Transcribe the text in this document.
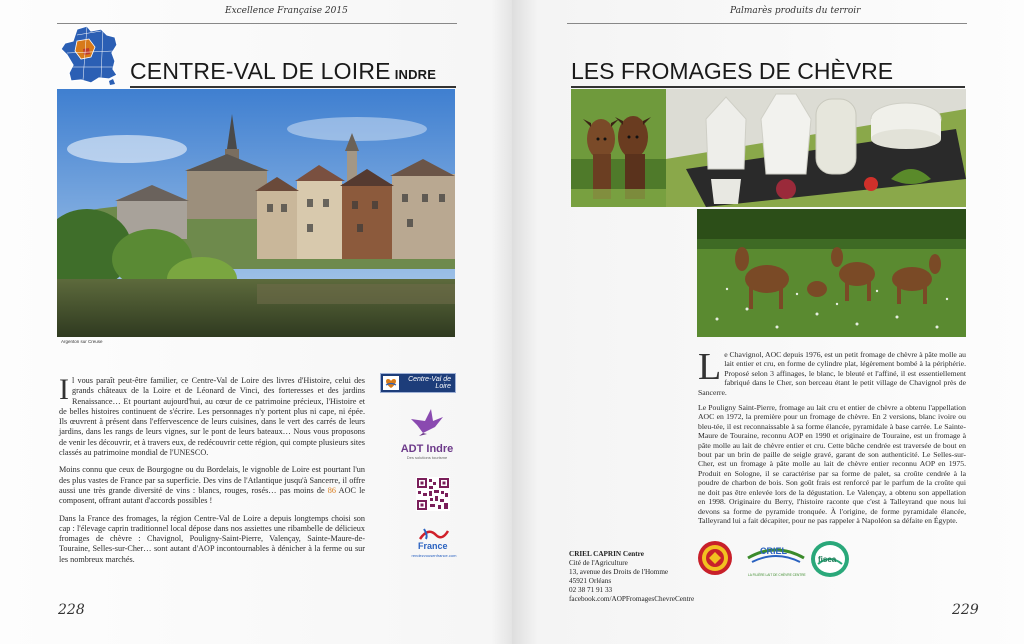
Excellence Française 2015
CENTRE-VAL DE LOIRE INDRE
Argenton sur Creuse

Il vous paraît peut-être familier, ce Centre-Val de Loire des livres d'Histoire, celui des grands châteaux de la Loire et de Léonard de Vinci, des forteresses et des jardins Renaissance… Et pourtant aujourd'hui, au cœur de ce patrimoine précieux, l'Histoire et de belles histoires continuent de s'écrire. Les personnages n'y portent plus ni cape, ni épée. Ils œuvrent à présent dans l'effervescence de leurs cuisines, dans le vert des carrés de leurs jardins, dans les rangs de leurs vignes, sur le pont de leurs bateaux… Nous vous proposons de venir les découvrir, et à travers eux, de redécouvrir cette région, qui compte plusieurs sites classés au patrimoine mondial de l'UNESCO.

Moins connu que ceux de Bourgogne ou du Bordelais, le vignoble de Loire est pourtant l'un des plus vastes de France par sa superficie. Des vins de l'Atlantique jusqu'à Sancerre, il offre aussi une très grande diversité de vins : blancs, rouges, rosés… pas moins de 86 AOC le composent, offrant autant d'accords possibles !

Dans la France des fromages, la région Centre-Val de Loire a depuis longtemps choisi son cap : l'élevage caprin traditionnel local dépose dans nos assiettes une ribambelle de délicieux fromages de chèvre : Chavignol, Pouligny-Saint-Pierre, Valençay, Sainte-Maure-de-Touraine, Selles-sur-Cher… sont autant d'AOP incontournables à dénicher à la ferme ou sur les nombreux marchés.

Centre-Val de Loire
ADT Indre
Des solutions tourisme
France
rendezvousenfrance.com
228
Palmarès produits du terroir
LES FROMAGES DE CHÈVRE

Le Chavignol, AOC depuis 1976, est un petit fromage de chèvre à pâte molle au lait entier et cru, en forme de cylindre plat, légèrement bombé à la périphérie. Proposé selon 3 affinages, le blanc, le bleuté et l'affiné, il est essentiellement fabriqué dans le Cher, son berceau étant le petit village de Chavignol près de Sancerre.

Le Pouligny Saint-Pierre, fromage au lait cru et entier de chèvre a obtenu l'appellation AOC en 1972, la première pour un fromage de chèvre. En 2 versions, blanc ivoire ou bleu-tée, il est reconnaissable à sa forme élancée, pyramidale à base carrée. Le Sainte-Maure de Touraine, reconnu AOP en 1990 et originaire de Touraine, est un fromage à pâte molle au lait de chèvre entier et cru. Cette bûche cendrée est traversée de bout en bout par un brin de paille de seigle gravé, garant de son authenticité. Le Selles-sur-Cher, est un fromage à pâte molle au lait de chèvre entier reconnu AOP en 1975. Produit en Sologne, il se caractérise par sa forme de palet, sa croûte cendrée à la poudre de charbon de bois. Son goût frais est renforcé par le parfum de la croûte qui ne doit pas être enlevée lors de la dégustation. Le Valençay, a obtenu son appellation en 1998. Originaire du Berry, l'histoire raconte que c'est à Talleyrand que nous lui devons sa forme de pyramide tronquée. À l'origine, de forme pyramidale élancée, Talleyrand lui a fait décapiter, pour ne pas rappeler à Napoléon sa défaite en Égypte.

CRIEL CAPRIN Centre
Cité de l'Agriculture
13, avenue des Droits de l'Homme
45921 Orléans
02 38 71 91 33
facebook.com/AOPFromagesChevreCentre
CRIEL
LA FILIÈRE LAIT DE CHÈVRE CENTRE
fisea
229
